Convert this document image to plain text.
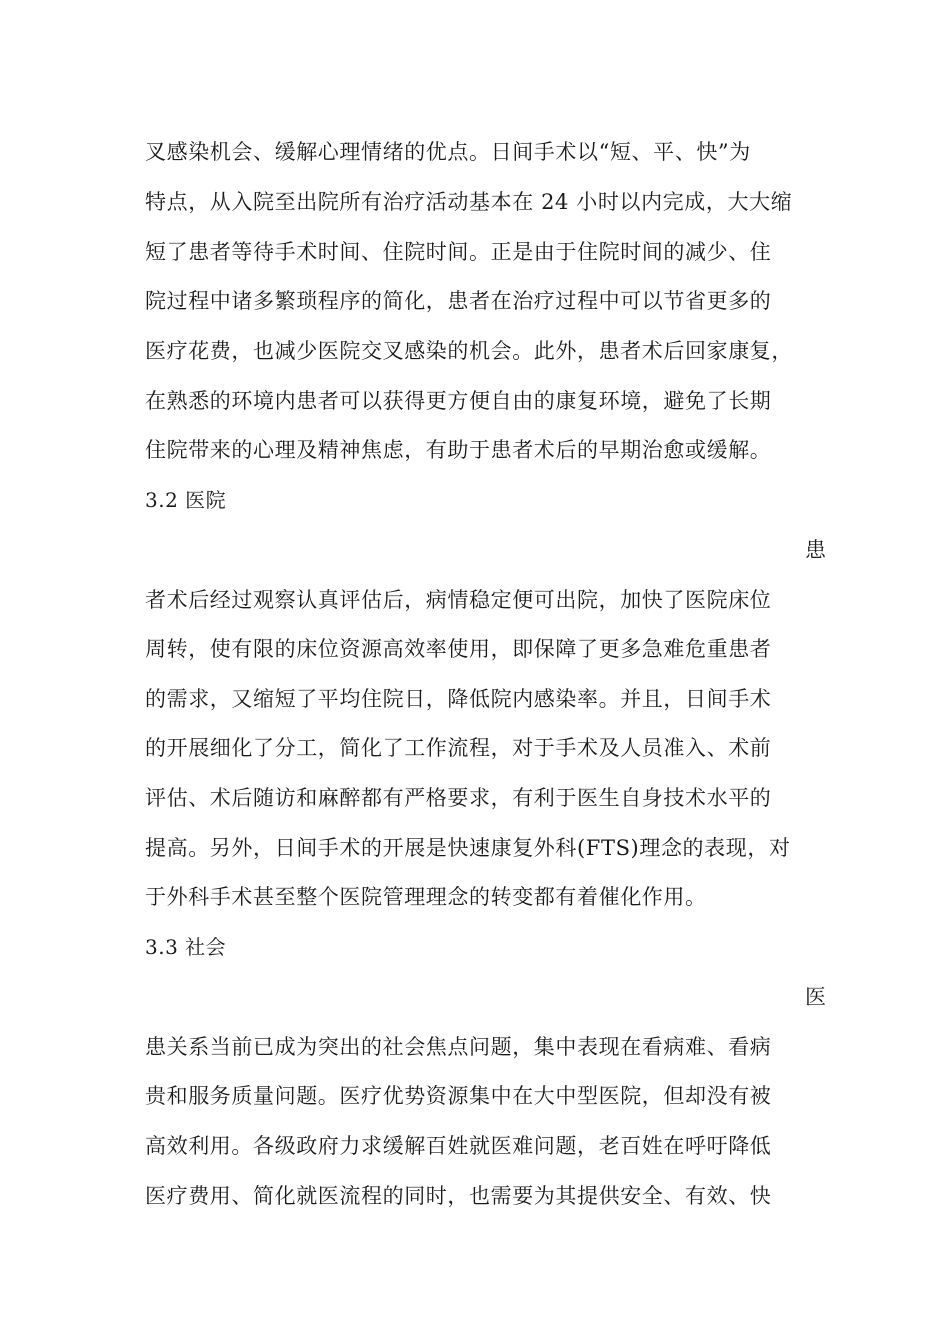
叉感染机会、缓解心理情绪的优点。日间手术以“短、平、快”为
特点，从入院至出院所有治疗活动基本在 24 小时以内完成，大大缩
短了患者等待手术时间、住院时间。正是由于住院时间的减少、住
院过程中诸多繁琐程序的简化，患者在治疗过程中可以节省更多的
医疗花费，也减少医院交叉感染的机会。此外，患者术后回家康复，
在熟悉的环境内患者可以获得更方便自由的康复环境，避免了长期
住院带来的心理及精神焦虑，有助于患者术后的早期治愈或缓解。
3.2 医院
患
者术后经过观察认真评估后，病情稳定便可出院，加快了医院床位
周转，使有限的床位资源高效率使用，即保障了更多急难危重患者
的需求，又缩短了平均住院日，降低院内感染率。并且，日间手术
的开展细化了分工，简化了工作流程，对于手术及人员准入、术前
评估、术后随访和麻醉都有严格要求，有利于医生自身技术水平的
提高。另外，日间手术的开展是快速康复外科(FTS)理念的表现，对
于外科手术甚至整个医院管理理念的转变都有着催化作用。
3.3 社会
医
患关系当前已成为突出的社会焦点问题，集中表现在看病难、看病
贵和服务质量问题。医疗优势资源集中在大中型医院，但却没有被
高效利用。各级政府力求缓解百姓就医难问题，老百姓在呼吁降低
医疗费用、简化就医流程的同时，也需要为其提供安全、有效、快
